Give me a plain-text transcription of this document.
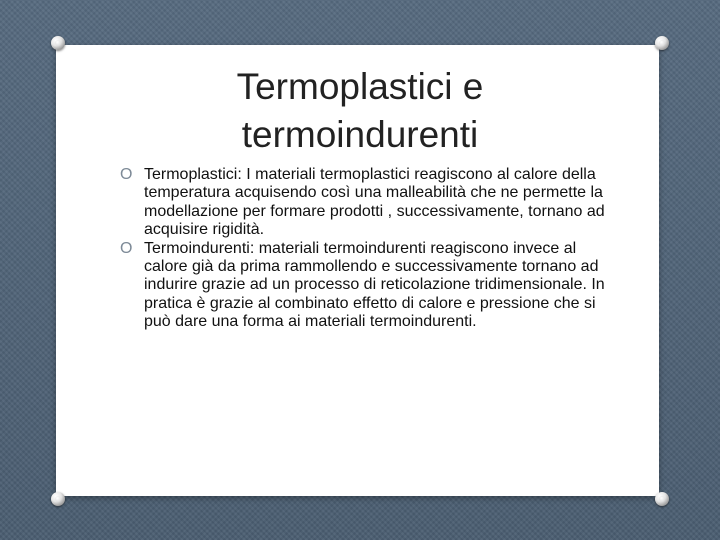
Termoplastici e
termoindurenti
O Termoplastici: I materiali termoplastici reagiscono al calore della temperatura acquisendo così una malleabilità che ne permette la modellazione per formare prodotti , successivamente, tornano ad acquisire rigidità.
O Termoindurenti: materiali termoindurenti reagiscono invece al calore già da prima rammollendo e successivamente tornano ad indurire grazie ad un processo di reticolazione tridimensionale. In pratica è grazie al combinato effetto di calore e pressione che si può dare una forma ai materiali termoindurenti.
